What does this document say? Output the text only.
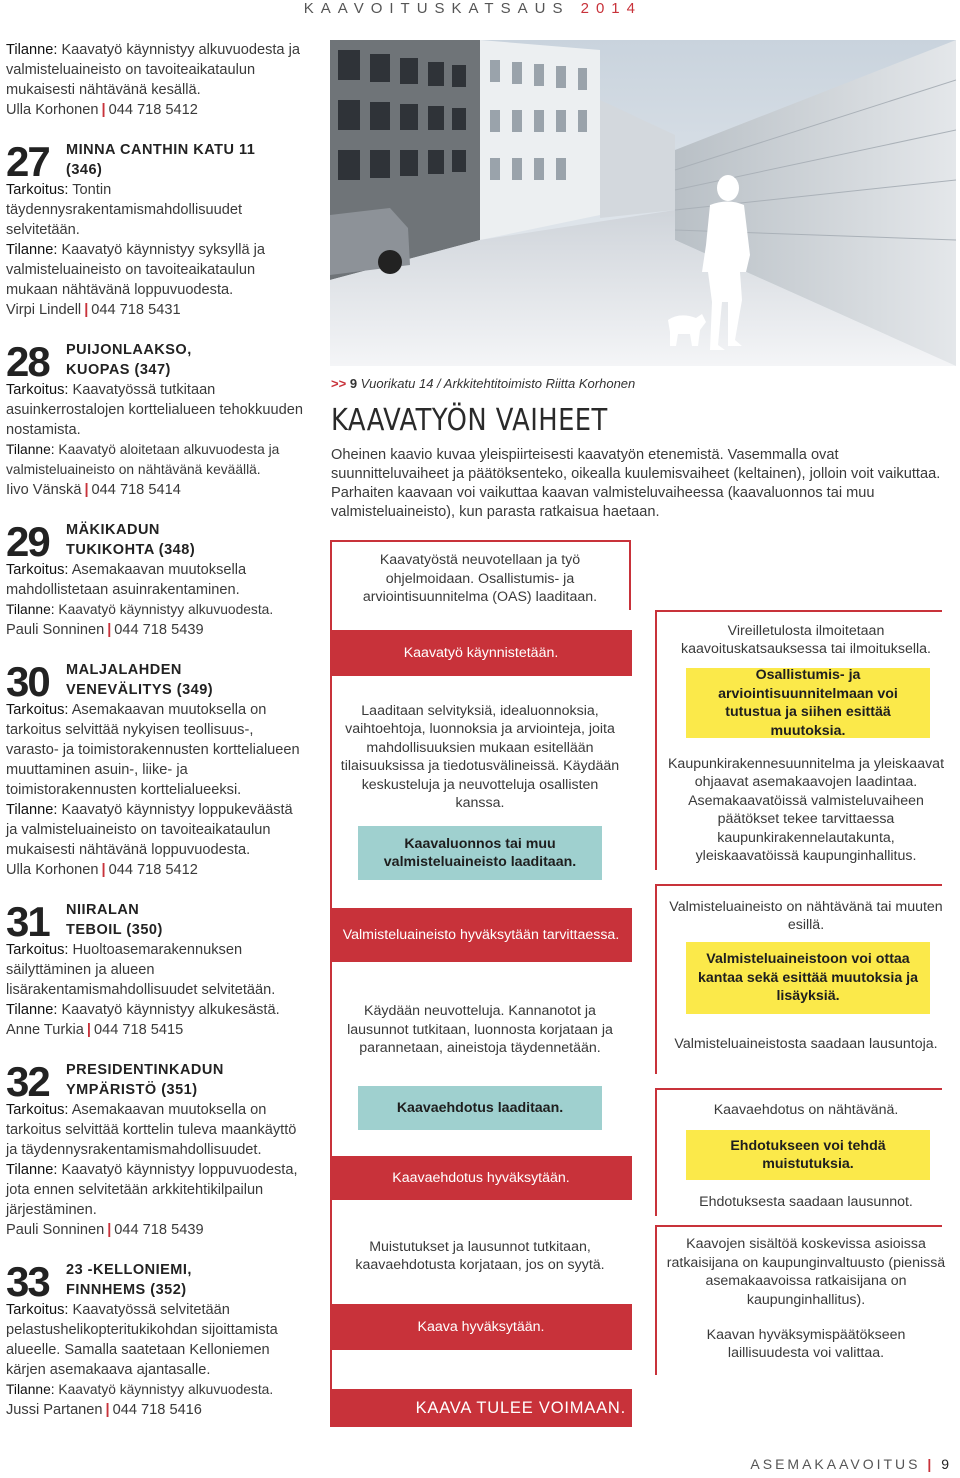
KAAVOITUSKATSAUS 2014

Tilanne: Kaavatyö käynnistyy alkuvuodesta ja valmisteluaineisto on tavoiteaikataulun mukaisesti nähtävänä kesällä.

Ulla Korhonen | 044 718 5412

27 MINNA CANTHIN KATU 11
(346)

Tarkoitus: Tontin täydennysrakentamismahdollisuudet selvitetään.

Tilanne: Kaavatyö käynnistyy syksyllä ja valmisteluaineisto on tavoiteaikataulun mukaan nähtävänä loppuvuodesta.

Virpi Lindell | 044 718 5431

28 PUIJONLAAKSO,
KUOPAS (347)

Tarkoitus: Kaavatyössä tutkitaan asuinkerrostalojen korttelialueen tehokkuuden nostamista.

Tilanne: Kaavatyö aloitetaan alkuvuodesta ja valmisteluaineisto on nähtävänä keväällä.

Iivo Vänskä | 044 718 5414

29 MÄKIKADUN
TUKIKOHTA (348)

Tarkoitus: Asemakaavan muutoksella mahdollistetaan asuinrakentaminen.

Tilanne: Kaavatyö käynnistyy alkuvuodesta.

Pauli Sonninen | 044 718 5439

30 MALJALAHDEN
VENEVÄLITYS (349)

Tarkoitus: Asemakaavan muutoksella on tarkoitus selvittää nykyisen teollisuus-, varasto- ja toimistorakennusten korttelialueen muuttaminen asuin-, liike- ja toimistorakennusten korttelialueeksi.

Tilanne: Kaavatyö käynnistyy loppukeväästä ja valmisteluaineisto on tavoiteaikataulun mukaisesti nähtävänä loppuvuodesta.

Ulla Korhonen | 044 718 5412

31 NIIRALAN
TEBOIL (350)

Tarkoitus: Huoltoasemarakennuksen säilyttäminen ja alueen lisärakentamismahdollisuudet selvitetään.

Tilanne: Kaavatyö käynnistyy alkukesästä.

Anne Turkia | 044 718 5415

32 PRESIDENTINKADUN
YMPÄRISTÖ (351)

Tarkoitus: Asemakaavan muutoksella on tarkoitus selvittää korttelin tuleva maankäyttö ja täydennysrakentamismahdollisuudet.

Tilanne: Kaavatyö käynnistyy loppuvuodesta, jota ennen selvitetään arkkitehtikilpailun järjestäminen.

Pauli Sonninen | 044 718 5439

33 23 -KELLONIEMI,
FINNHEMS (352)

Tarkoitus: Kaavatyössä selvitetään pelastushelikopteritukikohdan sijoittamista alueelle. Samalla saatetaan Kelloniemen kärjen asemakaava ajantasalle.

Tilanne: Kaavatyö käynnistyy alkuvuodesta.

Jussi Partanen | 044 718 5416

>> 9 Vuorikatu 14 / Arkkitehtitoimisto Riitta Korhonen
KAAVATYÖN VAIHEET
Oheinen kaavio kuvaa yleispiirteisesti kaavatyön etenemistä. Vasemmalla ovat suunnitteluvaiheet ja päätöksenteko, oikealla kuulemisvaiheet (keltainen), jolloin voit vaikuttaa. Parhaiten kaavaan voi vaikuttaa kaavan valmisteluvaiheessa (kaavaluonnos tai muu valmisteluaineisto), kun parasta ratkaisua haetaan.
Kaavatyöstä neuvotellaan ja työ ohjelmoidaan. Osallistumis- ja arviointisuunnitelma (OAS) laaditaan.
Kaavatyö käynnistetään.
Laaditaan selvityksiä, idealuonnoksia, vaihtoehtoja, luonnoksia ja arviointeja, joita mahdollisuuksien mukaan esitellään tilaisuuksissa ja tiedotusvälineissä. Käydään keskusteluja ja neuvotteluja osallisten kanssa.
Kaavaluonnos tai muu valmisteluaineisto laaditaan.
Valmisteluaineisto hyväksytään tarvittaessa.
Käydään neuvotteluja. Kannanotot ja lausunnot tutkitaan, luonnosta korjataan ja parannetaan, aineistoja täydennetään.
Kaavaehdotus laaditaan.
Kaavaehdotus hyväksytään.
Muistutukset ja lausunnot tutkitaan, kaavaehdotusta korjataan, jos on syytä.
Kaava hyväksytään.
KAAVA TULEE VOIMAAN.
Vireilletulosta ilmoitetaan kaavoituskatsauksessa tai ilmoituksella.
Osallistumis- ja arviointisuunnitelmaan voi tutustua ja siihen esittää muutoksia.
Kaupunkirakennesuunnitelma ja yleiskaavat ohjaavat asemakaavojen laadintaa. Asemakaavatöissä valmisteluvaiheen päätökset tekee tarvittaessa kaupunkirakennelautakunta, yleiskaavatöissä kaupunginhallitus.
Valmisteluaineisto on nähtävänä tai muuten esillä.
Valmisteluaineistoon voi ottaa kantaa sekä esittää muutoksia ja lisäyksiä.
Valmisteluaineistosta saadaan lausuntoja.
Kaavaehdotus on nähtävänä.
Ehdotukseen voi tehdä muistutuksia.
Ehdotuksesta saadaan lausunnot.
Kaavojen sisältöä koskevissa asioissa ratkaisijana on kaupunginvaltuusto (pienissä asemakaavoissa ratkaisijana on kaupunginhallitus).
Kaavan hyväksymispäätökseen laillisuudesta voi valittaa.
ASEMAKAAVOITUS | 9
